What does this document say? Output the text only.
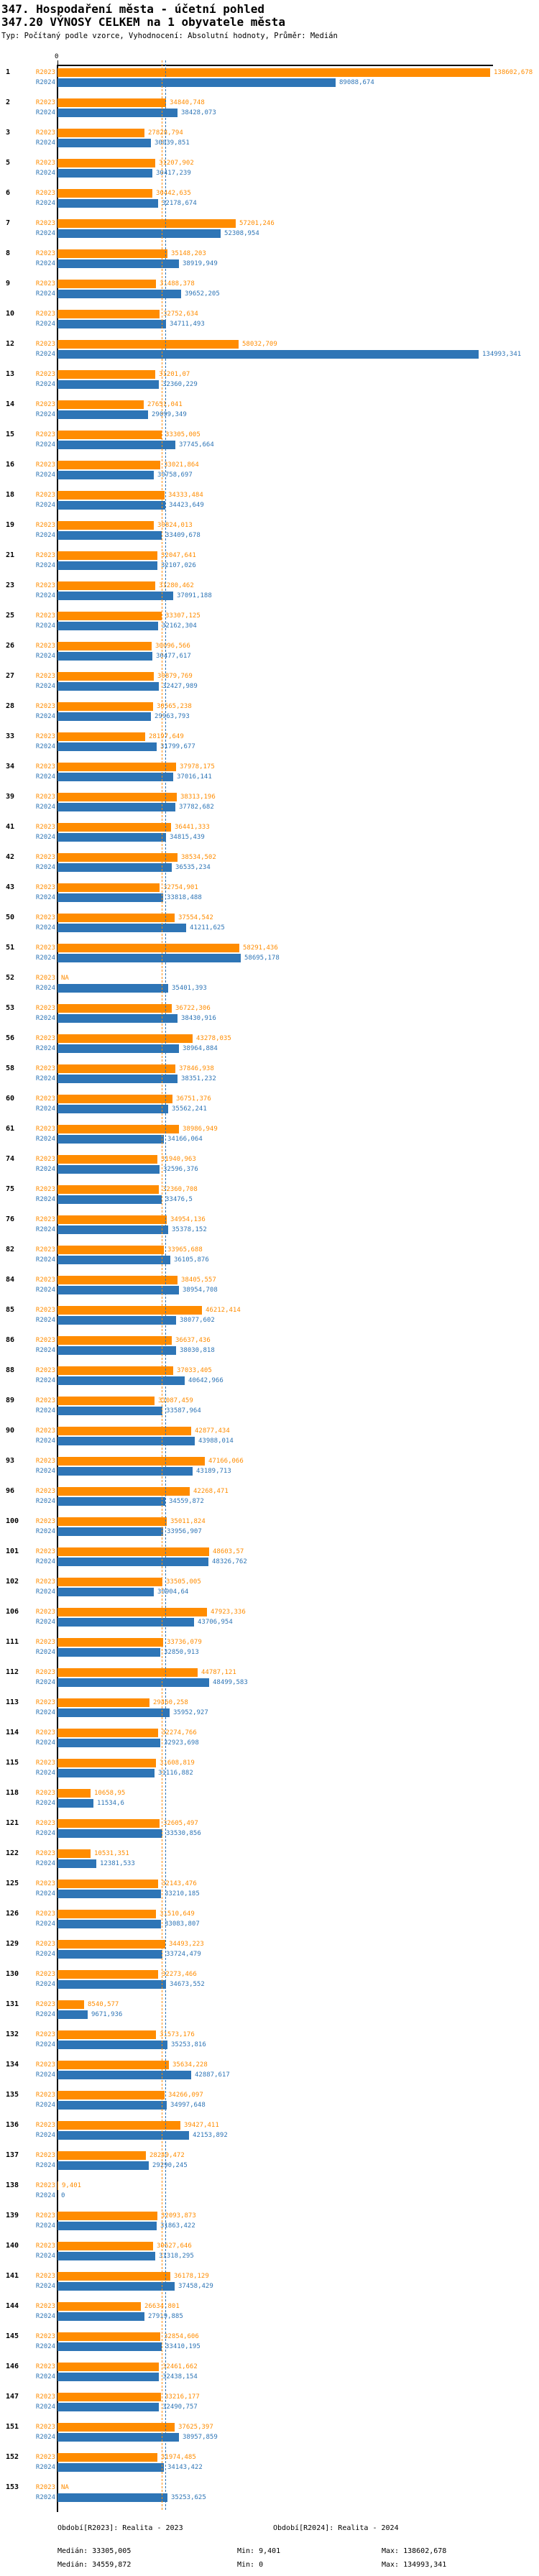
347. Hospodaření města - účetní pohled
347.20 VÝNOSY CELKEM na 1 obyvatele města
Typ: Počítaný podle vzorce, Vyhodnocení: Absolutní hodnoty, Průměr: Medián
0
Období[R2023]: Realita - 2023	Období[R2024]: Realita - 2024
Medián: 33305,005	Min: 9,401	Max: 138602,678
Medián: 34559,872	Min: 0	Max: 134993,341
1	R2023	138602,678
R2024	89088,674
2	R2023	34840,748
R2024	38428,073
3	R2023	27828,794
R2024	30039,851
5	R2023	31207,902
R2024	30417,239
6	R2023	30442,635
R2024	32178,674
7	R2023	57201,246
R2024	52308,954
8	R2023	35148,203
R2024	38919,949
9	R2023	31488,378
R2024	39652,205
10	R2023	32752,634
R2024	34711,493
12	R2023	58032,709
R2024	134993,341
13	R2023	31201,07
R2024	32360,229
14	R2023	27651,041
R2024	29099,349
15	R2023	33305,005
R2024	37745,664
16	R2023	33021,864
R2024	30758,697
18	R2023	34333,484
R2024	34423,649
19	R2023	30824,013
R2024	33409,678
21	R2023	32047,641
R2024	32107,026
23	R2023	31280,462
R2024	37091,188
25	R2023	33307,125
R2024	32162,304
26	R2023	30096,566
R2024	30477,617
27	R2023	30879,769
R2024	32427,989
28	R2023	30565,238
R2024	29963,793
33	R2023	28197,649
R2024	31799,677
34	R2023	37978,175
R2024	37016,141
39	R2023	38313,196
R2024	37782,682
41	R2023	36441,333
R2024	34815,439
42	R2023	38534,502
R2024	36535,234
43	R2023	32754,901
R2024	33818,488
50	R2023	37554,542
R2024	41211,625
51	R2023	58291,436
R2024	58695,178
52	R2023 NA
R2024	35401,393
53	R2023	36722,306
R2024	38430,916
56	R2023	43278,035
R2024	38964,884
58	R2023	37846,938
R2024	38351,232
60	R2023	36751,376
R2024	35562,241
61	R2023	38986,949
R2024	34166,064
74	R2023	31940,963
R2024	32596,376
75	R2023	32360,708
R2024	33476,5
76	R2023	34954,136
R2024	35378,152
82	R2023	33965,688
R2024	36105,876
84	R2023	38405,557
R2024	38954,708
85	R2023	46212,414
R2024	38077,602
86	R2023	36637,436
R2024	38030,818
88	R2023	37033,405
R2024	40642,966
89	R2023	31087,459
R2024	33587,964
90	R2023	42877,434
R2024	43988,014
93	R2023	47166,066
R2024	43189,713
96	R2023	42268,471
R2024	34559,872
100	R2023	35011,824
R2024	33956,907
101	R2023	48603,57
R2024	48326,762
102	R2023	33505,005
R2024	30904,64
106	R2023	47923,336
R2024	43706,954
111	R2023	33736,079
R2024	32850,913
112	R2023	44787,121
R2024	48499,583
113	R2023	29460,258
R2024	35952,927
114	R2023	32274,766
R2024	32923,698
115	R2023	31608,819
R2024	31116,882
118	R2023	10658,95
R2024	11534,6
121	R2023	32605,497
R2024	33530,856
122	R2023	10531,351
R2024	12381,533
125	R2023	32143,476
R2024	33210,185
126	R2023	31510,649
R2024	33083,807
129	R2023	34493,223
R2024	33724,479
130	R2023	32273,466
R2024	34673,552
131	R2023	8540,577
R2024	9671,936
132	R2023	31573,176
R2024	35253,816
134	R2023	35634,228
R2024	42887,617
135	R2023	34266,097
R2024	34997,648
136	R2023	39427,411
R2024	42153,892
137	R2023	28249,472
R2024	29290,245
138	R2023 9,401
R2024 0
139	R2023	32093,873
R2024	31863,422
140	R2023	30627,646
R2024	31318,295
141	R2023	36178,129
R2024	37458,429
144	R2023	26634,801
R2024	27919,885
145	R2023	32854,606
R2024	33410,195
146	R2023	32461,662
R2024	32438,154
147	R2023	33216,177
R2024	32490,757
151	R2023	37625,397
R2024	38957,859
152	R2023	31974,485
R2024	34143,422
153	R2023 NA
R2024	35253,625
